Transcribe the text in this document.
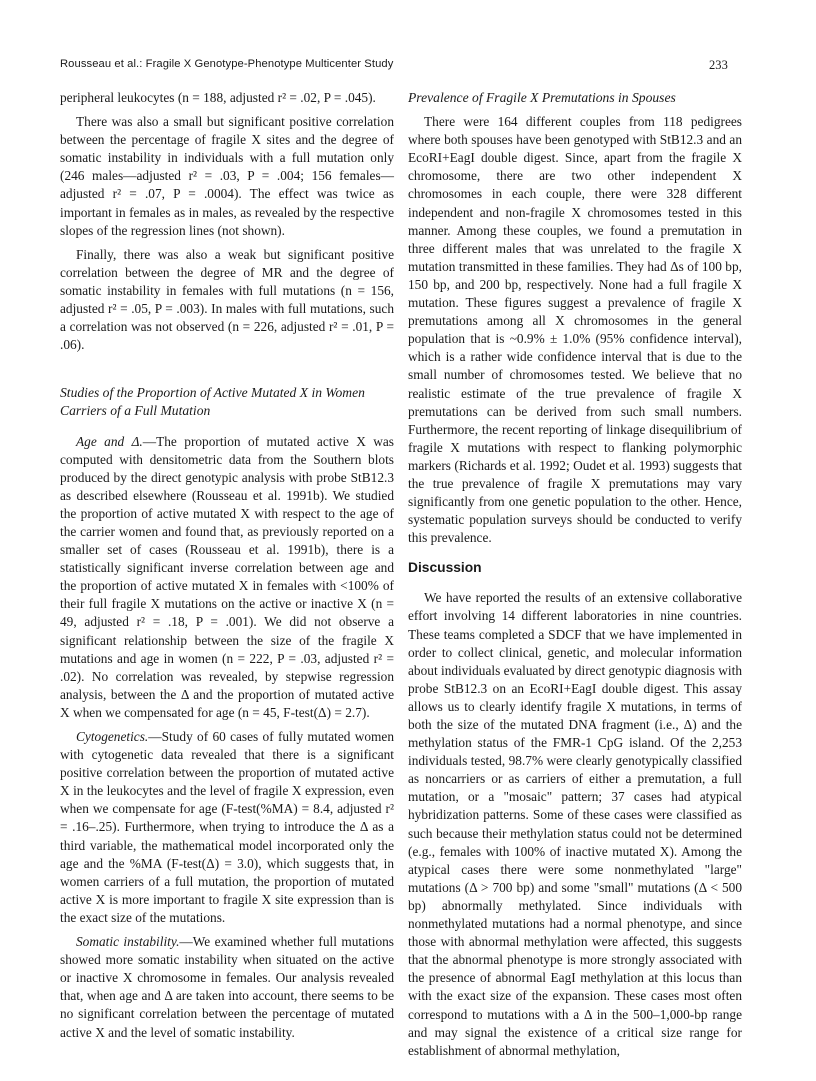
Rousseau et al.: Fragile X Genotype-Phenotype Multicenter Study	233

peripheral leukocytes (n = 188, adjusted r² = .02, P = .045).

There was also a small but significant positive correlation between the percentage of fragile X sites and the degree of somatic instability in individuals with a full mutation only (246 males—adjusted r² = .03, P = .004; 156 females—adjusted r² = .07, P = .0004). The effect was twice as important in females as in males, as revealed by the respective slopes of the regression lines (not shown).

Finally, there was also a weak but significant positive correlation between the degree of MR and the degree of somatic instability in females with full mutations (n = 156, adjusted r² = .05, P = .003). In males with full mutations, such a correlation was not observed (n = 226, adjusted r² = .01, P = .06).

Studies of the Proportion of Active Mutated X in Women Carriers of a Full Mutation

Age and Δ.—The proportion of mutated active X was computed with densitometric data from the Southern blots produced by the direct genotypic analysis with probe StB12.3 as described elsewhere (Rousseau et al. 1991b). We studied the proportion of active mutated X with respect to the age of the carrier women and found that, as previously reported on a smaller set of cases (Rousseau et al. 1991b), there is a statistically significant inverse correlation between age and the proportion of active mutated X in females with <100% of their full fragile X mutations on the active or inactive X (n = 49, adjusted r² = .18, P = .001). We did not observe a significant relationship between the size of the fragile X mutations and age in women (n = 222, P = .03, adjusted r² = .02). No correlation was revealed, by stepwise regression analysis, between the Δ and the proportion of mutated active X when we compensated for age (n = 45, F-test(Δ) = 2.7).

Cytogenetics.—Study of 60 cases of fully mutated women with cytogenetic data revealed that there is a significant positive correlation between the proportion of mutated active X in the leukocytes and the level of fragile X expression, even when we compensate for age (F-test(%MA) = 8.4, adjusted r² = .16–.25). Furthermore, when trying to introduce the Δ as a third variable, the mathematical model incorporated only the age and the %MA (F-test(Δ) = 3.0), which suggests that, in women carriers of a full mutation, the proportion of mutated active X is more important to fragile X site expression than is the exact size of the mutations.

Somatic instability.—We examined whether full mutations showed more somatic instability when situated on the active or inactive X chromosome in females. Our analysis revealed that, when age and Δ are taken into account, there seems to be no significant correlation between the percentage of mutated active X and the level of somatic instability.

Prevalence of Fragile X Premutations in Spouses

There were 164 different couples from 118 pedigrees where both spouses have been genotyped with StB12.3 and an EcoRI+EagI double digest. Since, apart from the fragile X chromosome, there are two other independent X chromosomes in each couple, there were 328 different independent and non-fragile X chromosomes tested in this manner. Among these couples, we found a premutation in three different males that was unrelated to the fragile X mutation transmitted in these families. They had Δs of 100 bp, 150 bp, and 200 bp, respectively. None had a full fragile X mutation. These figures suggest a prevalence of fragile X premutations among all X chromosomes in the general population that is ~0.9% ± 1.0% (95% confidence interval), which is a rather wide confidence interval that is due to the small number of chromosomes tested. We believe that no realistic estimate of the true prevalence of fragile X premutations can be derived from such small numbers. Furthermore, the recent reporting of linkage disequilibrium of fragile X mutations with respect to flanking polymorphic markers (Richards et al. 1992; Oudet et al. 1993) suggests that the true prevalence of fragile X premutations may vary significantly from one genetic population to the other. Hence, systematic population surveys should be conducted to verify this prevalence.

Discussion

We have reported the results of an extensive collaborative effort involving 14 different laboratories in nine countries. These teams completed a SDCF that we have implemented in order to collect clinical, genetic, and molecular information about individuals evaluated by direct genotypic diagnosis with probe StB12.3 on an EcoRI+EagI double digest. This assay allows us to clearly identify fragile X mutations, in terms of both the size of the mutated DNA fragment (i.e., Δ) and the methylation status of the FMR-1 CpG island. Of the 2,253 individuals tested, 98.7% were clearly genotypically classified as noncarriers or as carriers of either a premutation, a full mutation, or a "mosaic" pattern; 37 cases had atypical hybridization patterns. Some of these cases were classified as such because their methylation status could not be determined (e.g., females with 100% of inactive mutated X). Among the atypical cases there were some nonmethylated "large" mutations (Δ > 700 bp) and some "small" mutations (Δ < 500 bp) abnormally methylated. Since individuals with nonmethylated mutations had a normal phenotype, and since those with abnormal methylation were affected, this suggests that the abnormal phenotype is more strongly associated with the presence of abnormal EagI methylation at this locus than with the exact size of the expansion. These cases most often correspond to mutations with a Δ in the 500–1,000-bp range and may signal the existence of a critical size range for establishment of abnormal methylation,
